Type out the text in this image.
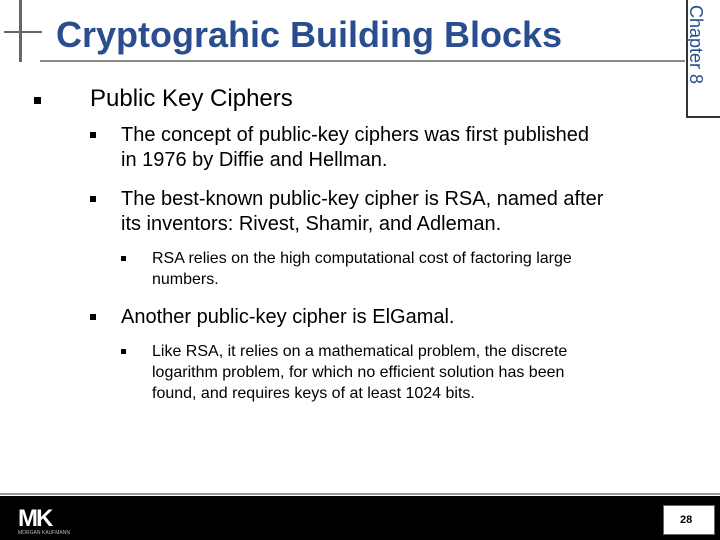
Cryptograhic Building Blocks	Chapter 8
Public Key Ciphers
The concept of public-key ciphers was first published
in 1976 by Diffie and Hellman.
The best-known public-key cipher is RSA, named after
its inventors: Rivest, Shamir, and Adleman.
RSA relies on the high computational cost of factoring large
numbers.
Another public-key cipher is ElGamal.
Like RSA, it relies on a mathematical problem, the discrete
logarithm problem, for which no efficient solution has been
found, and requires keys of at least 1024 bits.
MK
MORGAN KAUFMANN
28
